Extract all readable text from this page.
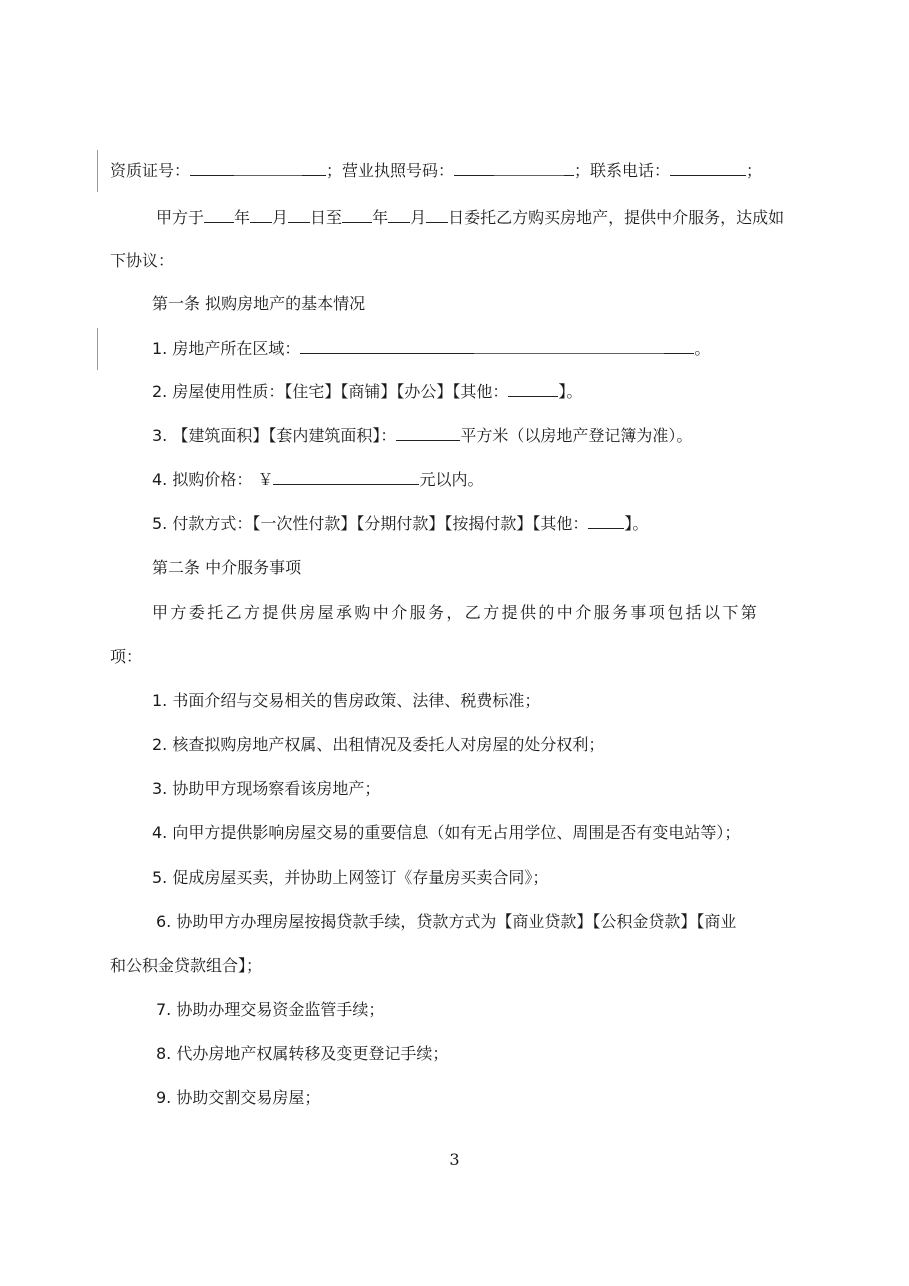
资质证号：	；营业执照号码：	；联系电话：	；
甲方于 年 月 日至 年 月 日委托乙方购买房地产，提供中介服务，达成如
下协议：
第一条 拟购房地产的基本情况
1. 房地产所在区域：	。
2. 房屋使用性质：【住宅】【商铺】【办公】【其他：	】。
3. 【建筑面积】【套内建筑面积】：	平方米（以房地产登记簿为准）。
4. 拟购价格： ￥	元以内。
5. 付款方式：【一次性付款】【分期付款】【按揭付款】【其他： 】。
第二条 中介服务事项
甲方委托乙方提供房屋承购中介服务，乙方提供的中介服务事项包括以下第
项：
1. 书面介绍与交易相关的售房政策、法律、税费标准；
2. 核查拟购房地产权属、出租情况及委托人对房屋的处分权利；
3. 协助甲方现场察看该房地产；
4. 向甲方提供影响房屋交易的重要信息（如有无占用学位、周围是否有变电站等）；
5. 促成房屋买卖，并协助上网签订《存量房买卖合同》；
6. 协助甲方办理房屋按揭贷款手续，贷款方式为【商业贷款】【公积金贷款】【商业
和公积金贷款组合】；
7. 协助办理交易资金监管手续；
8. 代办房地产权属转移及变更登记手续；
9. 协助交割交易房屋；
3
